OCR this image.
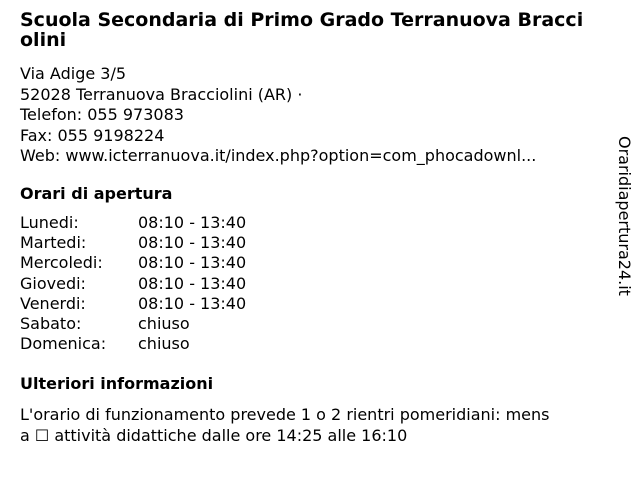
Scuola Secondaria di Primo Grado Terranuova Bracciolini
Via Adige 3/5
52028 Terranuova Bracciolini (AR) ·
Telefon: 055 973083
Fax: 055 9198224
Web: www.icterranuova.it/index.php?option=com_phocadownl...
Orari di apertura
Lunedi:	08:10 - 13:40
Martedi:	08:10 - 13:40
Mercoledi: 08:10 - 13:40
Giovedi:	08:10 - 13:40
Venerdi:	08:10 - 13:40
Sabato:	chiuso
Domenica: chiuso
Ulteriori informazioni
L'orario di funzionamento prevede 1 o 2 rientri pomeridiani: mens
a ☐ attività didattiche dalle ore 14:25 alle 16:10
Oraridiapertura24.it
